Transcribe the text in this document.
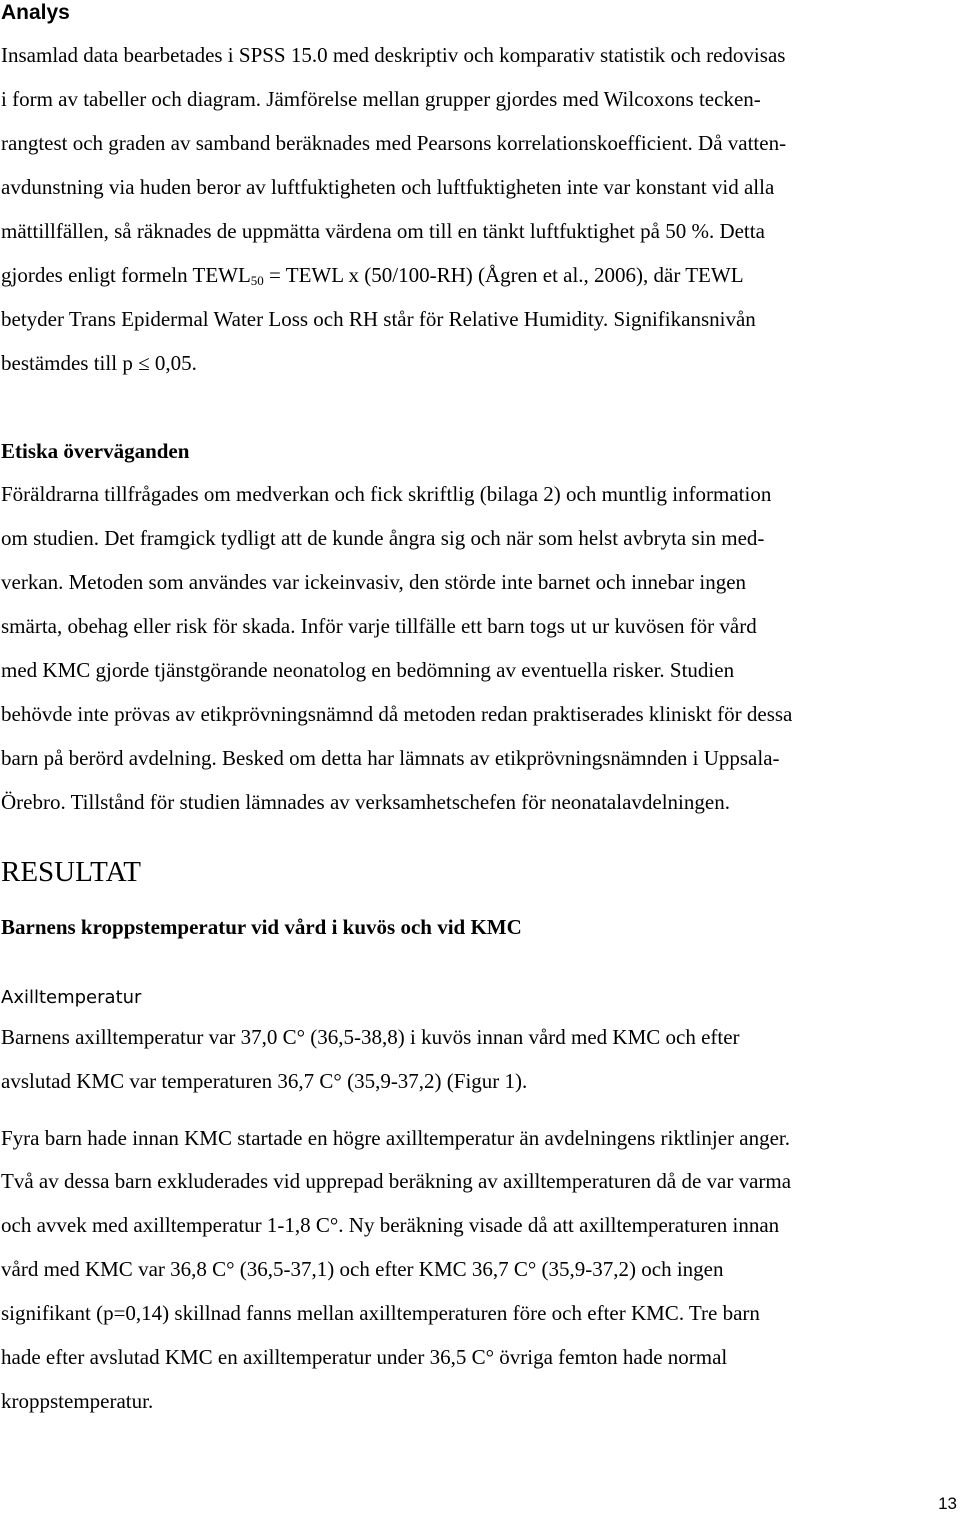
Analys
Insamlad data bearbetades i SPSS 15.0 med deskriptiv och komparativ statistik och redovisas
i form av tabeller och diagram. Jämförelse mellan grupper gjordes med Wilcoxons tecken-
rangtest och graden av samband beräknades med Pearsons korrelationskoefficient. Då vatten-
avdunstning via huden beror av luftfuktigheten och luftfuktigheten inte var konstant vid alla
mättillfällen, så räknades de uppmätta värdena om till en tänkt luftfuktighet på 50 %. Detta
gjordes enligt formeln $TEWL_{50}$ = TEWL x (50/100-RH) (Ågren et al., 2006), där TEWL
betyder Trans Epidermal Water Loss och RH står för Relative Humidity. Signifikansnivån
bestämdes till p ≤ 0,05.
Etiska överväganden
Föräldrarna tillfrågades om medverkan och fick skriftlig (bilaga 2) och muntlig information
om studien. Det framgick tydligt att de kunde ångra sig och när som helst avbryta sin med-
verkan. Metoden som användes var ickeinvasiv, den störde inte barnet och innebar ingen
smärta, obehag eller risk för skada. Inför varje tillfälle ett barn togs ut ur kuvösen för vård
med KMC gjorde tjänstgörande neonatolog en bedömning av eventuella risker. Studien
behövde inte prövas av etikprövningsnämnd då metoden redan praktiserades kliniskt för dessa
barn på berörd avdelning. Besked om detta har lämnats av etikprövningsnämnden i Uppsala-
Örebro. Tillstånd för studien lämnades av verksamhetschefen för neonatalavdelningen.
RESULTAT
Barnens kroppstemperatur vid vård i kuvös och vid KMC
Axilltemperatur
Barnens axilltemperatur var 37,0 C° (36,5-38,8) i kuvös innan vård med KMC och efter
avslutad KMC var temperaturen 36,7 C° (35,9-37,2) (Figur 1).
Fyra barn hade innan KMC startade en högre axilltemperatur än avdelningens riktlinjer anger.
Två av dessa barn exkluderades vid upprepad beräkning av axilltemperaturen då de var varma
och avvek med axilltemperatur 1-1,8 C°. Ny beräkning visade då att axilltemperaturen innan
vård med KMC var 36,8 C° (36,5-37,1) och efter KMC 36,7 C° (35,9-37,2) och ingen
signifikant (p=0,14) skillnad fanns mellan axilltemperaturen före och efter KMC. Tre barn
hade efter avslutad KMC en axilltemperatur under 36,5 C° övriga femton hade normal
kroppstemperatur.
13
